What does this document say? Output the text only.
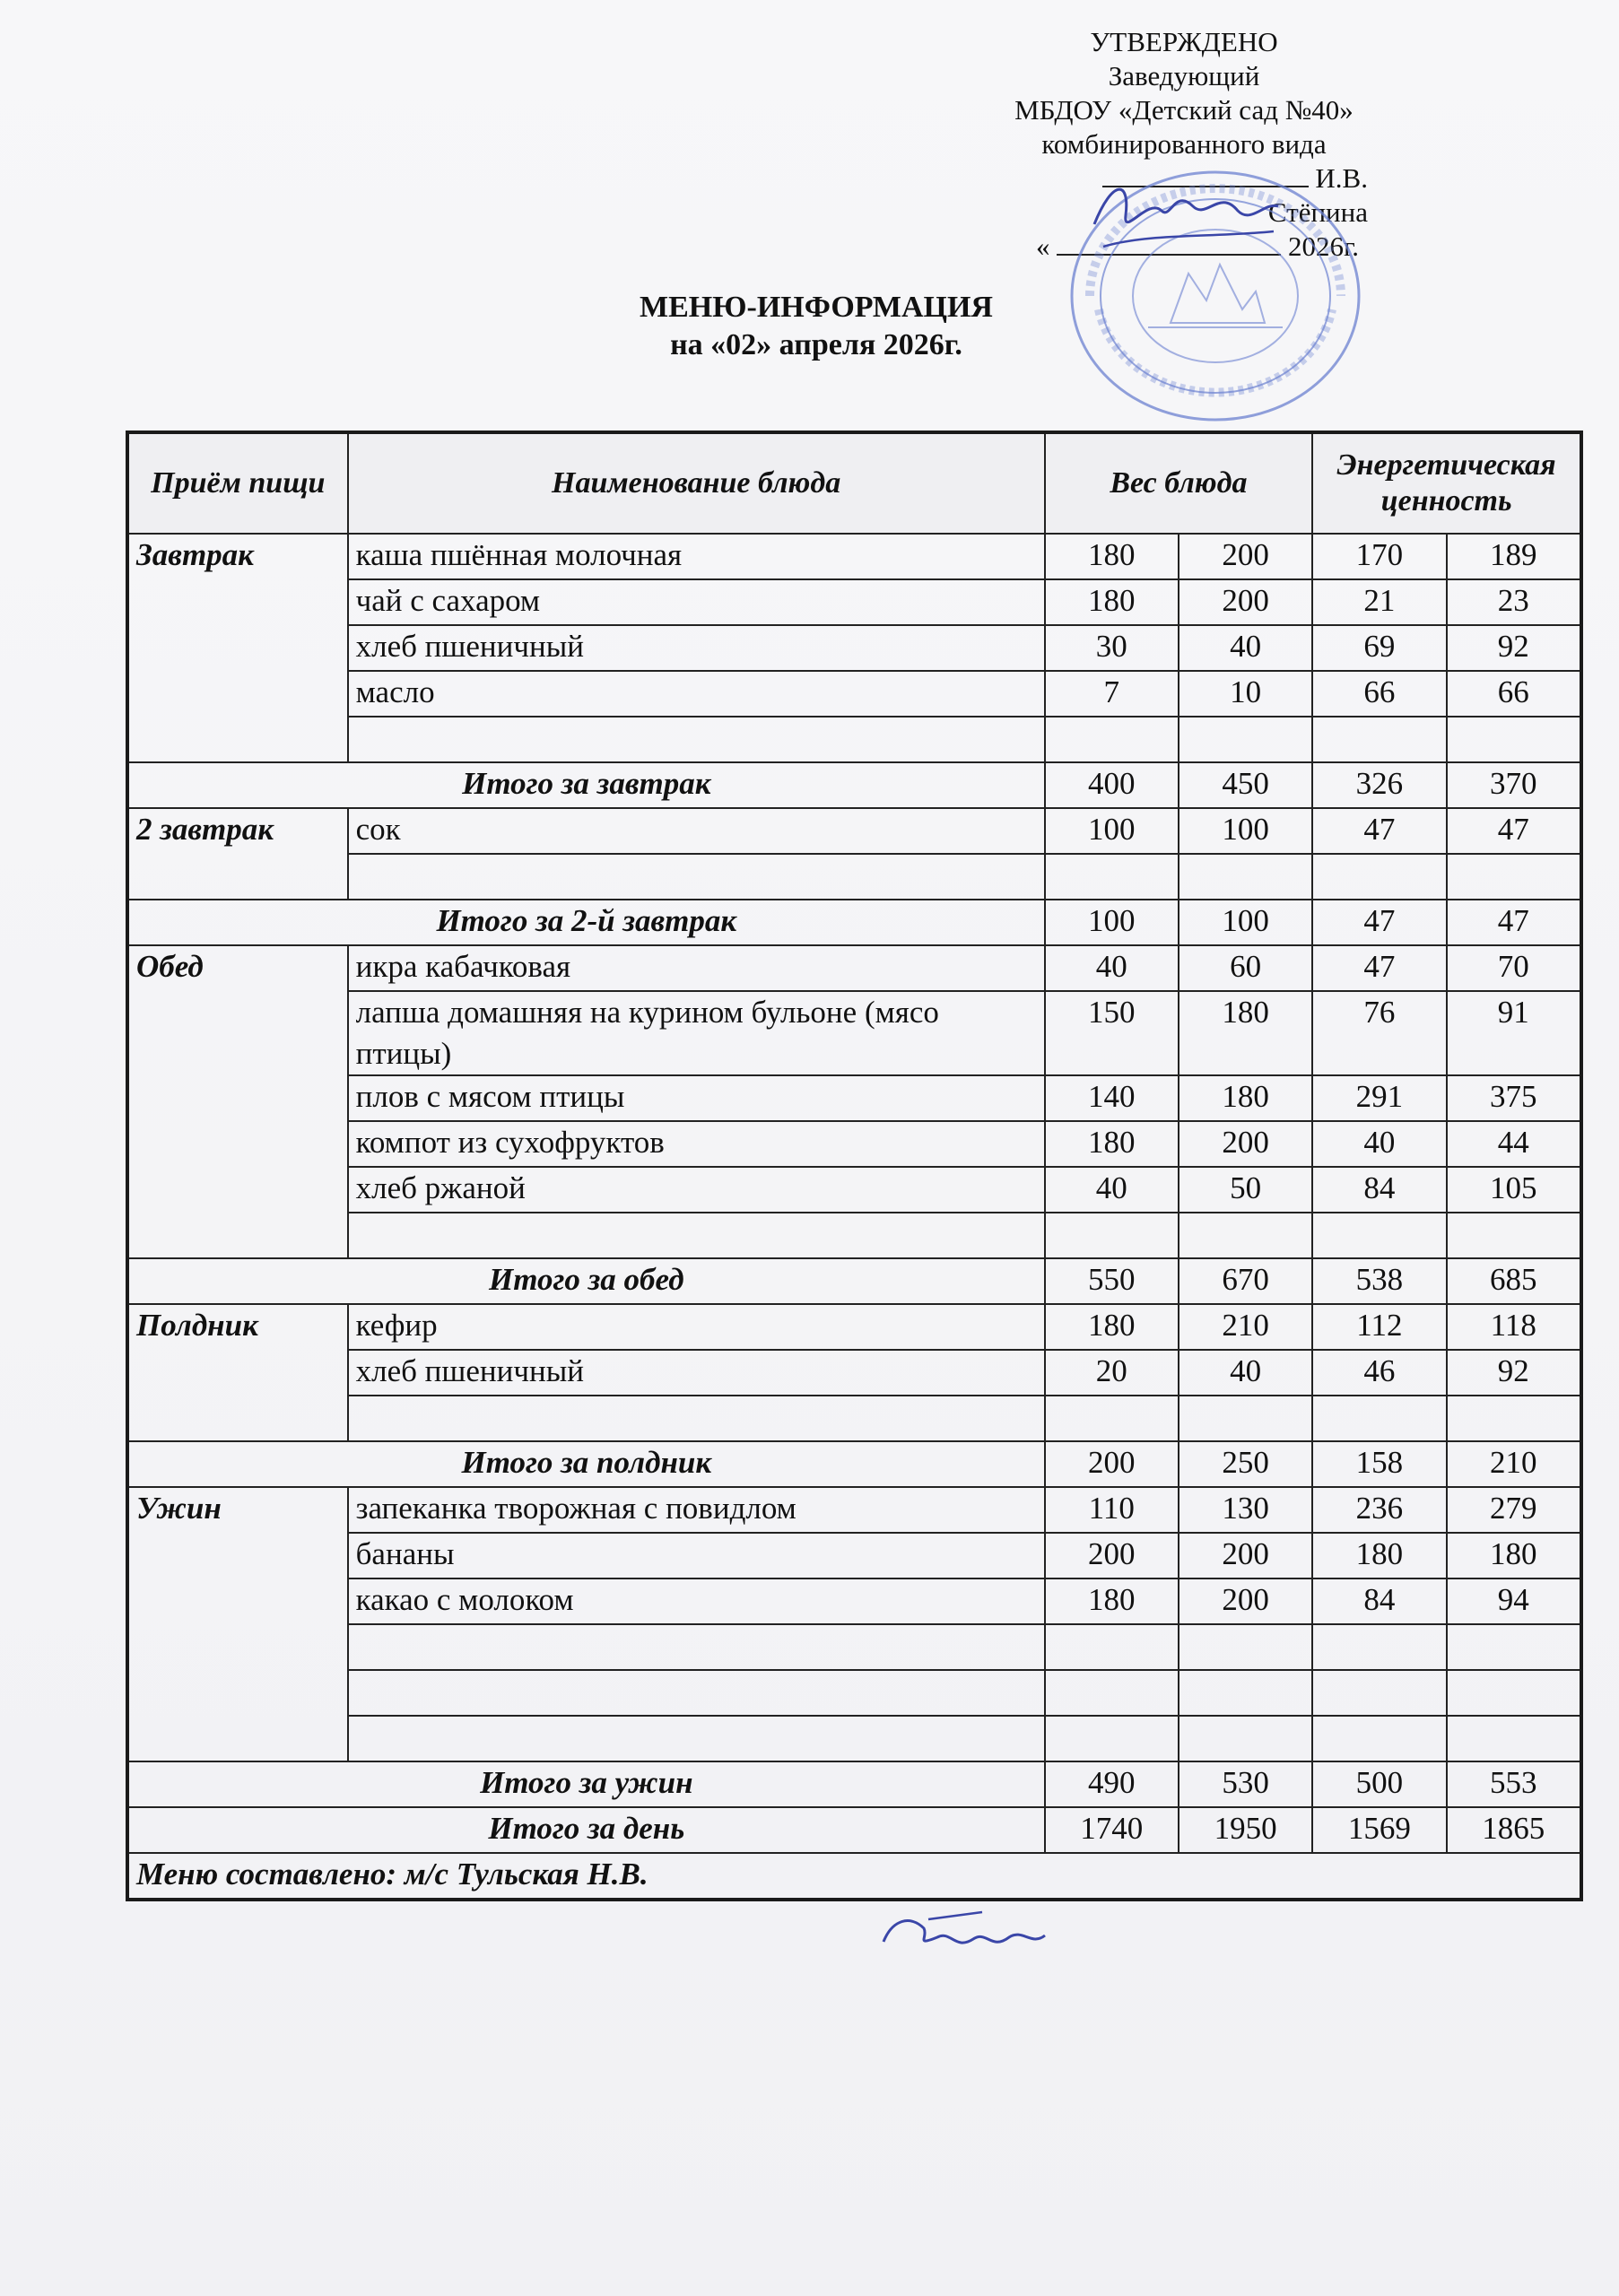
УТВЕРЖДЕНО
Заведующий
МБДОУ «Детский сад №40»
комбинированного вида
И.В. Стёпина
«	2026г.
МЕНЮ-ИНФОРМАЦИЯ
на «02» апреля 2026г.
Приём пищи	Наименование блюда	Вес блюда		Энергетическая ценность	
Завтрак	каша пшённая молочная	180	200	170	189
	чай с сахаром	180	200	21	23
	хлеб пшеничный	30	40	69	92
	масло	7	10	66	66

Итого за завтрак		400	450	326	370
2 завтрак	сок	100	100	47	47

Итого за 2-й завтрак		100	100	47	47
Обед	икра кабачковая	40	60	47	70
	лапша домашняя на курином бульоне (мясо птицы)	150	180	76	91
	плов с мясом птицы	140	180	291	375
	компот из сухофруктов	180	200	40	44
	хлеб ржаной	40	50	84	105

Итого за обед		550	670	538	685
Полдник	кефир	180	210	112	118
	хлеб пшеничный	20	40	46	92

Итого за полдник		200	250	158	210
Ужин	запеканка творожная с повидлом	110	130	236	279
	бананы	200	200	180	180
	какао с молоком	180	200	84	94

Итого за ужин		490	530	500	553
Итого за день		1740	1950	1569	1865
Меню составлено: м/с Тульская Н.В.					
